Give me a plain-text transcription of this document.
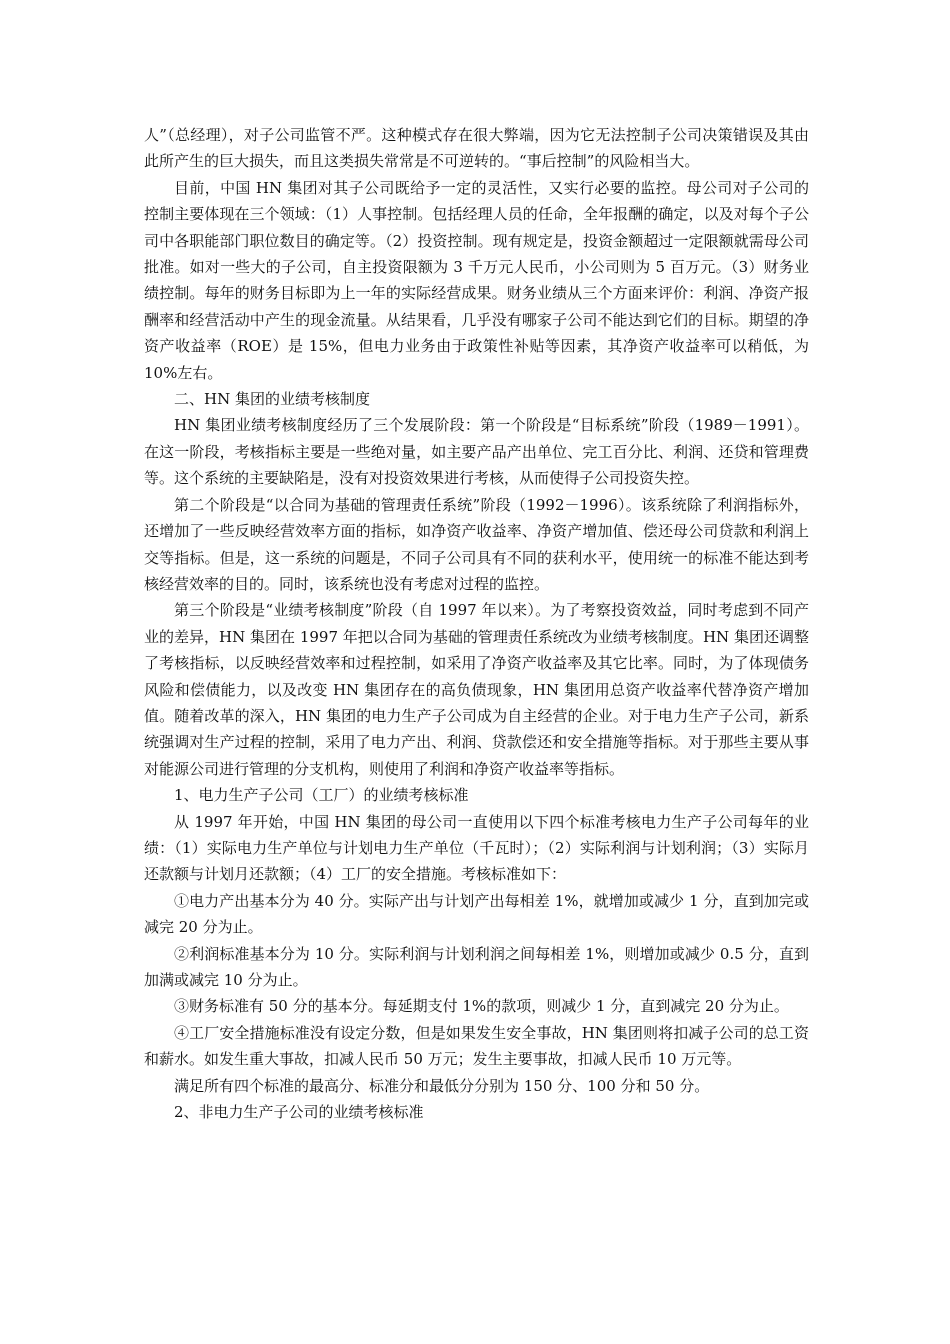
人”（总经理），对子公司监管不严。这种模式存在很大弊端，因为它无法控制子公司决策错误及其由此所产生的巨大损失，而且这类损失常常是不可逆转的。“事后控制”的风险相当大。

目前，中国 HN 集团对其子公司既给予一定的灵活性，又实行必要的监控。母公司对子公司的控制主要体现在三个领域：（1）人事控制。包括经理人员的任命，全年报酬的确定，以及对每个子公司中各职能部门职位数目的确定等。（2）投资控制。现有规定是，投资金额超过一定限额就需母公司批准。如对一些大的子公司，自主投资限额为 3 千万元人民币，小公司则为 5 百万元。（3）财务业绩控制。每年的财务目标即为上一年的实际经营成果。财务业绩从三个方面来评价：利润、净资产报酬率和经营活动中产生的现金流量。从结果看，几乎没有哪家子公司不能达到它们的目标。期望的净资产收益率（ROE）是 15%，但电力业务由于政策性补贴等因素，其净资产收益率可以稍低，为 10%左右。

二、HN 集团的业绩考核制度

HN 集团业绩考核制度经历了三个发展阶段：第一个阶段是“目标系统”阶段（1989－1991）。在这一阶段，考核指标主要是一些绝对量，如主要产品产出单位、完工百分比、利润、还贷和管理费等。这个系统的主要缺陷是，没有对投资效果进行考核，从而使得子公司投资失控。

第二个阶段是“以合同为基础的管理责任系统”阶段（1992－1996）。该系统除了利润指标外，还增加了一些反映经营效率方面的指标，如净资产收益率、净资产增加值、偿还母公司贷款和利润上交等指标。但是，这一系统的问题是，不同子公司具有不同的获利水平，使用统一的标准不能达到考核经营效率的目的。同时，该系统也没有考虑对过程的监控。

第三个阶段是“业绩考核制度”阶段（自 1997 年以来）。为了考察投资效益，同时考虑到不同产业的差异，HN 集团在 1997 年把以合同为基础的管理责任系统改为业绩考核制度。HN 集团还调整了考核指标，以反映经营效率和过程控制，如采用了净资产收益率及其它比率。同时，为了体现债务风险和偿债能力，以及改变 HN 集团存在的高负债现象，HN 集团用总资产收益率代替净资产增加值。随着改革的深入，HN 集团的电力生产子公司成为自主经营的企业。对于电力生产子公司，新系统强调对生产过程的控制，采用了电力产出、利润、贷款偿还和安全措施等指标。对于那些主要从事对能源公司进行管理的分支机构，则使用了利润和净资产收益率等指标。

1、电力生产子公司（工厂）的业绩考核标准

从 1997 年开始，中国 HN 集团的母公司一直使用以下四个标准考核电力生产子公司每年的业绩：（1）实际电力生产单位与计划电力生产单位（千瓦时）；（2）实际利润与计划利润；（3）实际月还款额与计划月还款额；（4）工厂的安全措施。考核标准如下：

①电力产出基本分为 40 分。实际产出与计划产出每相差 1%，就增加或减少 1 分，直到加完或减完 20 分为止。

②利润标准基本分为 10 分。实际利润与计划利润之间每相差 1%，则增加或减少 0.5 分，直到加满或减完 10 分为止。

③财务标准有 50 分的基本分。每延期支付 1%的款项，则减少 1 分，直到减完 20 分为止。

④工厂安全措施标准没有设定分数，但是如果发生安全事故，HN 集团则将扣减子公司的总工资和薪水。如发生重大事故，扣减人民币 50 万元；发生主要事故，扣减人民币 10 万元等。

满足所有四个标准的最高分、标准分和最低分分别为 150 分、100 分和 50 分。

2、非电力生产子公司的业绩考核标准
